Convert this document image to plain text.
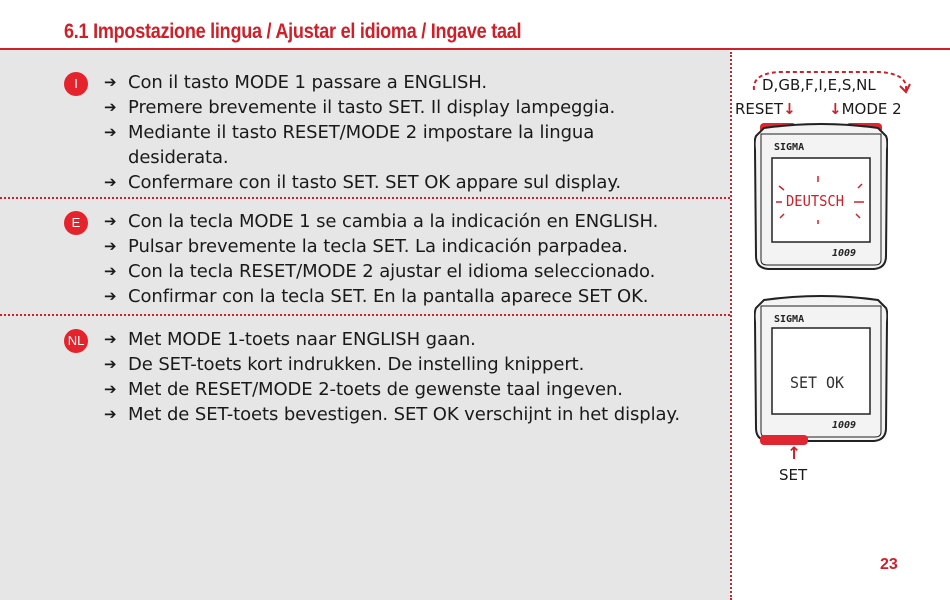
6.1 Impostazione lingua / Ajustar el idioma / Ingave taal
I	➔ Con il tasto MODE 1 passare a ENGLISH.
➔ Premere brevemente il tasto SET. Il display lampeggia.
➔ Mediante il tasto RESET/MODE 2 impostare la lingua
desiderata.
➔ Confermare con il tasto SET. SET OK appare sul display.
E	➔ Con la tecla MODE 1 se cambia a la indicación en ENGLISH.
➔ Pulsar brevemente la tecla SET. La indicación parpadea.
➔ Con la tecla RESET/MODE 2 ajustar el idioma seleccionado.
➔ Confirmar con la tecla SET. En la pantalla aparece SET OK.
NL ➔ Met MODE 1-toets naar ENGLISH gaan.
➔ De SET-toets kort indrukken. De instelling knippert.
➔ Met de RESET/MODE 2-toets de gewenste taal ingeven.
➔ Met de SET-toets bevestigen. SET OK verschijnt in het display.
D,GB,F,I,E,S,NL
RESET↓ ↓MODE 2
SIGMA
DEUTSCH
1009
SIGMA
SET OK
1009
↑
SET
23
